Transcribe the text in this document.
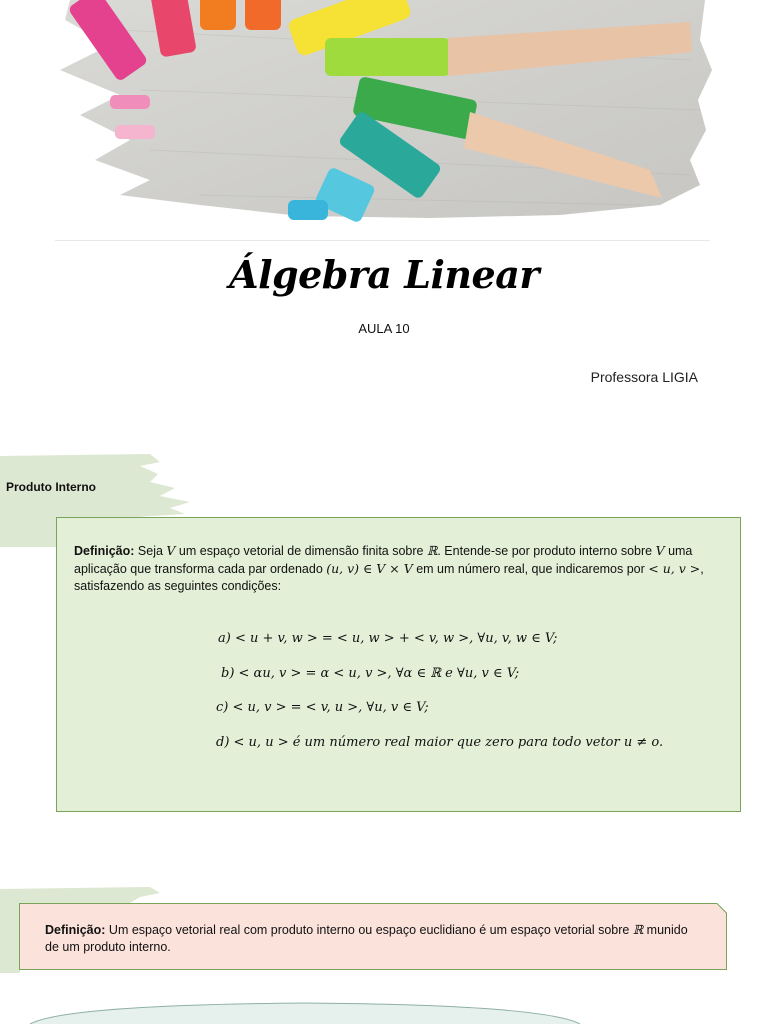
Álgebra Linear
AULA 10
Professora LIGIA
Produto Interno
Definição: Seja V um espaço vetorial de dimensão finita sobre ℝ. Entende-se por produto interno sobre V uma aplicação que transforma cada par ordenado (u, v) ∈ V × V em um número real, que indicaremos por < u, v >, satisfazendo as seguintes condições:
a) < u + v, w > = < u, w > + < v, w >, ∀u, v, w ∈ V;
b) < αu, v > = α < u, v >, ∀α ∈ ℝ e ∀u, v ∈ V;
c) < u, v > = < v, u >, ∀u, v ∈ V;
d) < u, u > é um número real maior que zero para todo vetor u ≠ o.
Definição: Um espaço vetorial real com produto interno ou espaço euclidiano é um espaço vetorial sobre ℝ munido de um produto interno.
